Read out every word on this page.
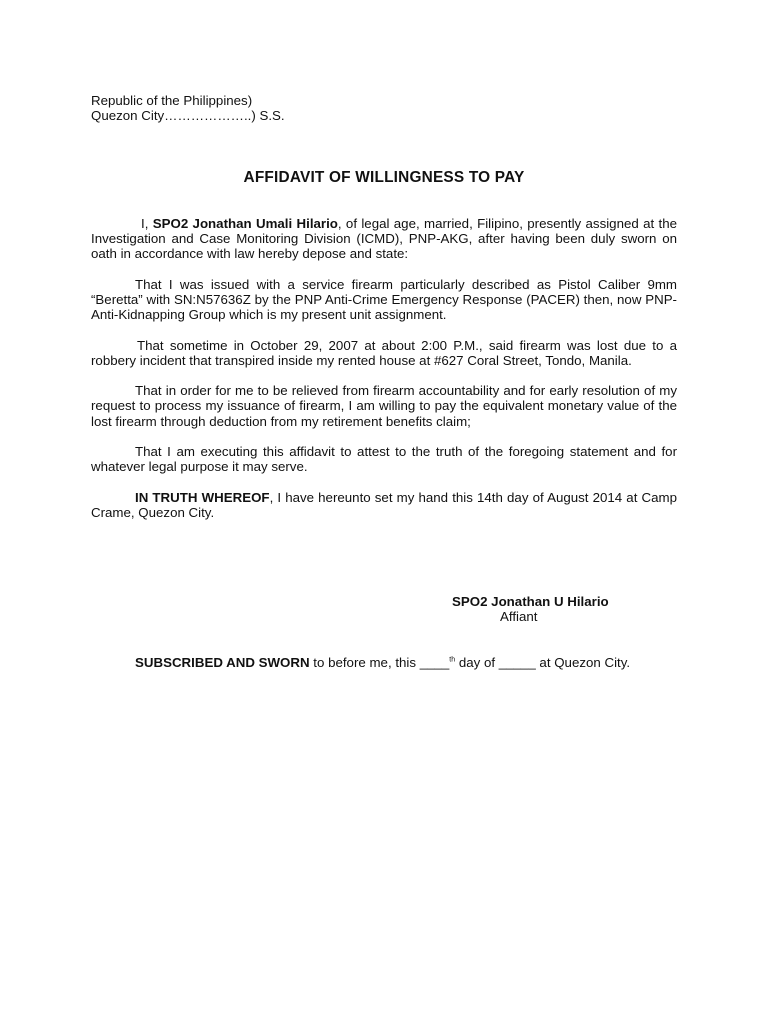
Republic of the Philippines)
Quezon City………………..) S.S.
AFFIDAVIT OF WILLINGNESS TO PAY

I, SPO2 Jonathan Umali Hilario, of legal age, married, Filipino, presently assigned at the Investigation and Case Monitoring Division (ICMD), PNP-AKG, after having been duly sworn on oath in accordance with law hereby depose and state:

That I was issued with a service firearm particularly described as Pistol Caliber 9mm “Beretta” with SN:N57636Z by the PNP Anti-Crime Emergency Response (PACER) then, now PNP-Anti-Kidnapping Group which is my present unit assignment.

That sometime in October 29, 2007 at about 2:00 P.M., said firearm was lost due to a robbery incident that transpired inside my rented house at #627 Coral Street, Tondo, Manila.

That in order for me to be relieved from firearm accountability and for early resolution of my request to process my issuance of firearm, I am willing to pay the equivalent monetary value of the lost firearm through deduction from my retirement benefits claim;

That I am executing this affidavit to attest to the truth of the foregoing statement and for whatever legal purpose it may serve.

IN TRUTH WHEREOF, I have hereunto set my hand this 14th day of August 2014 at Camp Crame, Quezon City.

SPO2 Jonathan U Hilario
Affiant
SUBSCRIBED AND SWORN to before me, this ____$^{th}$ day of _____ at Quezon City.
